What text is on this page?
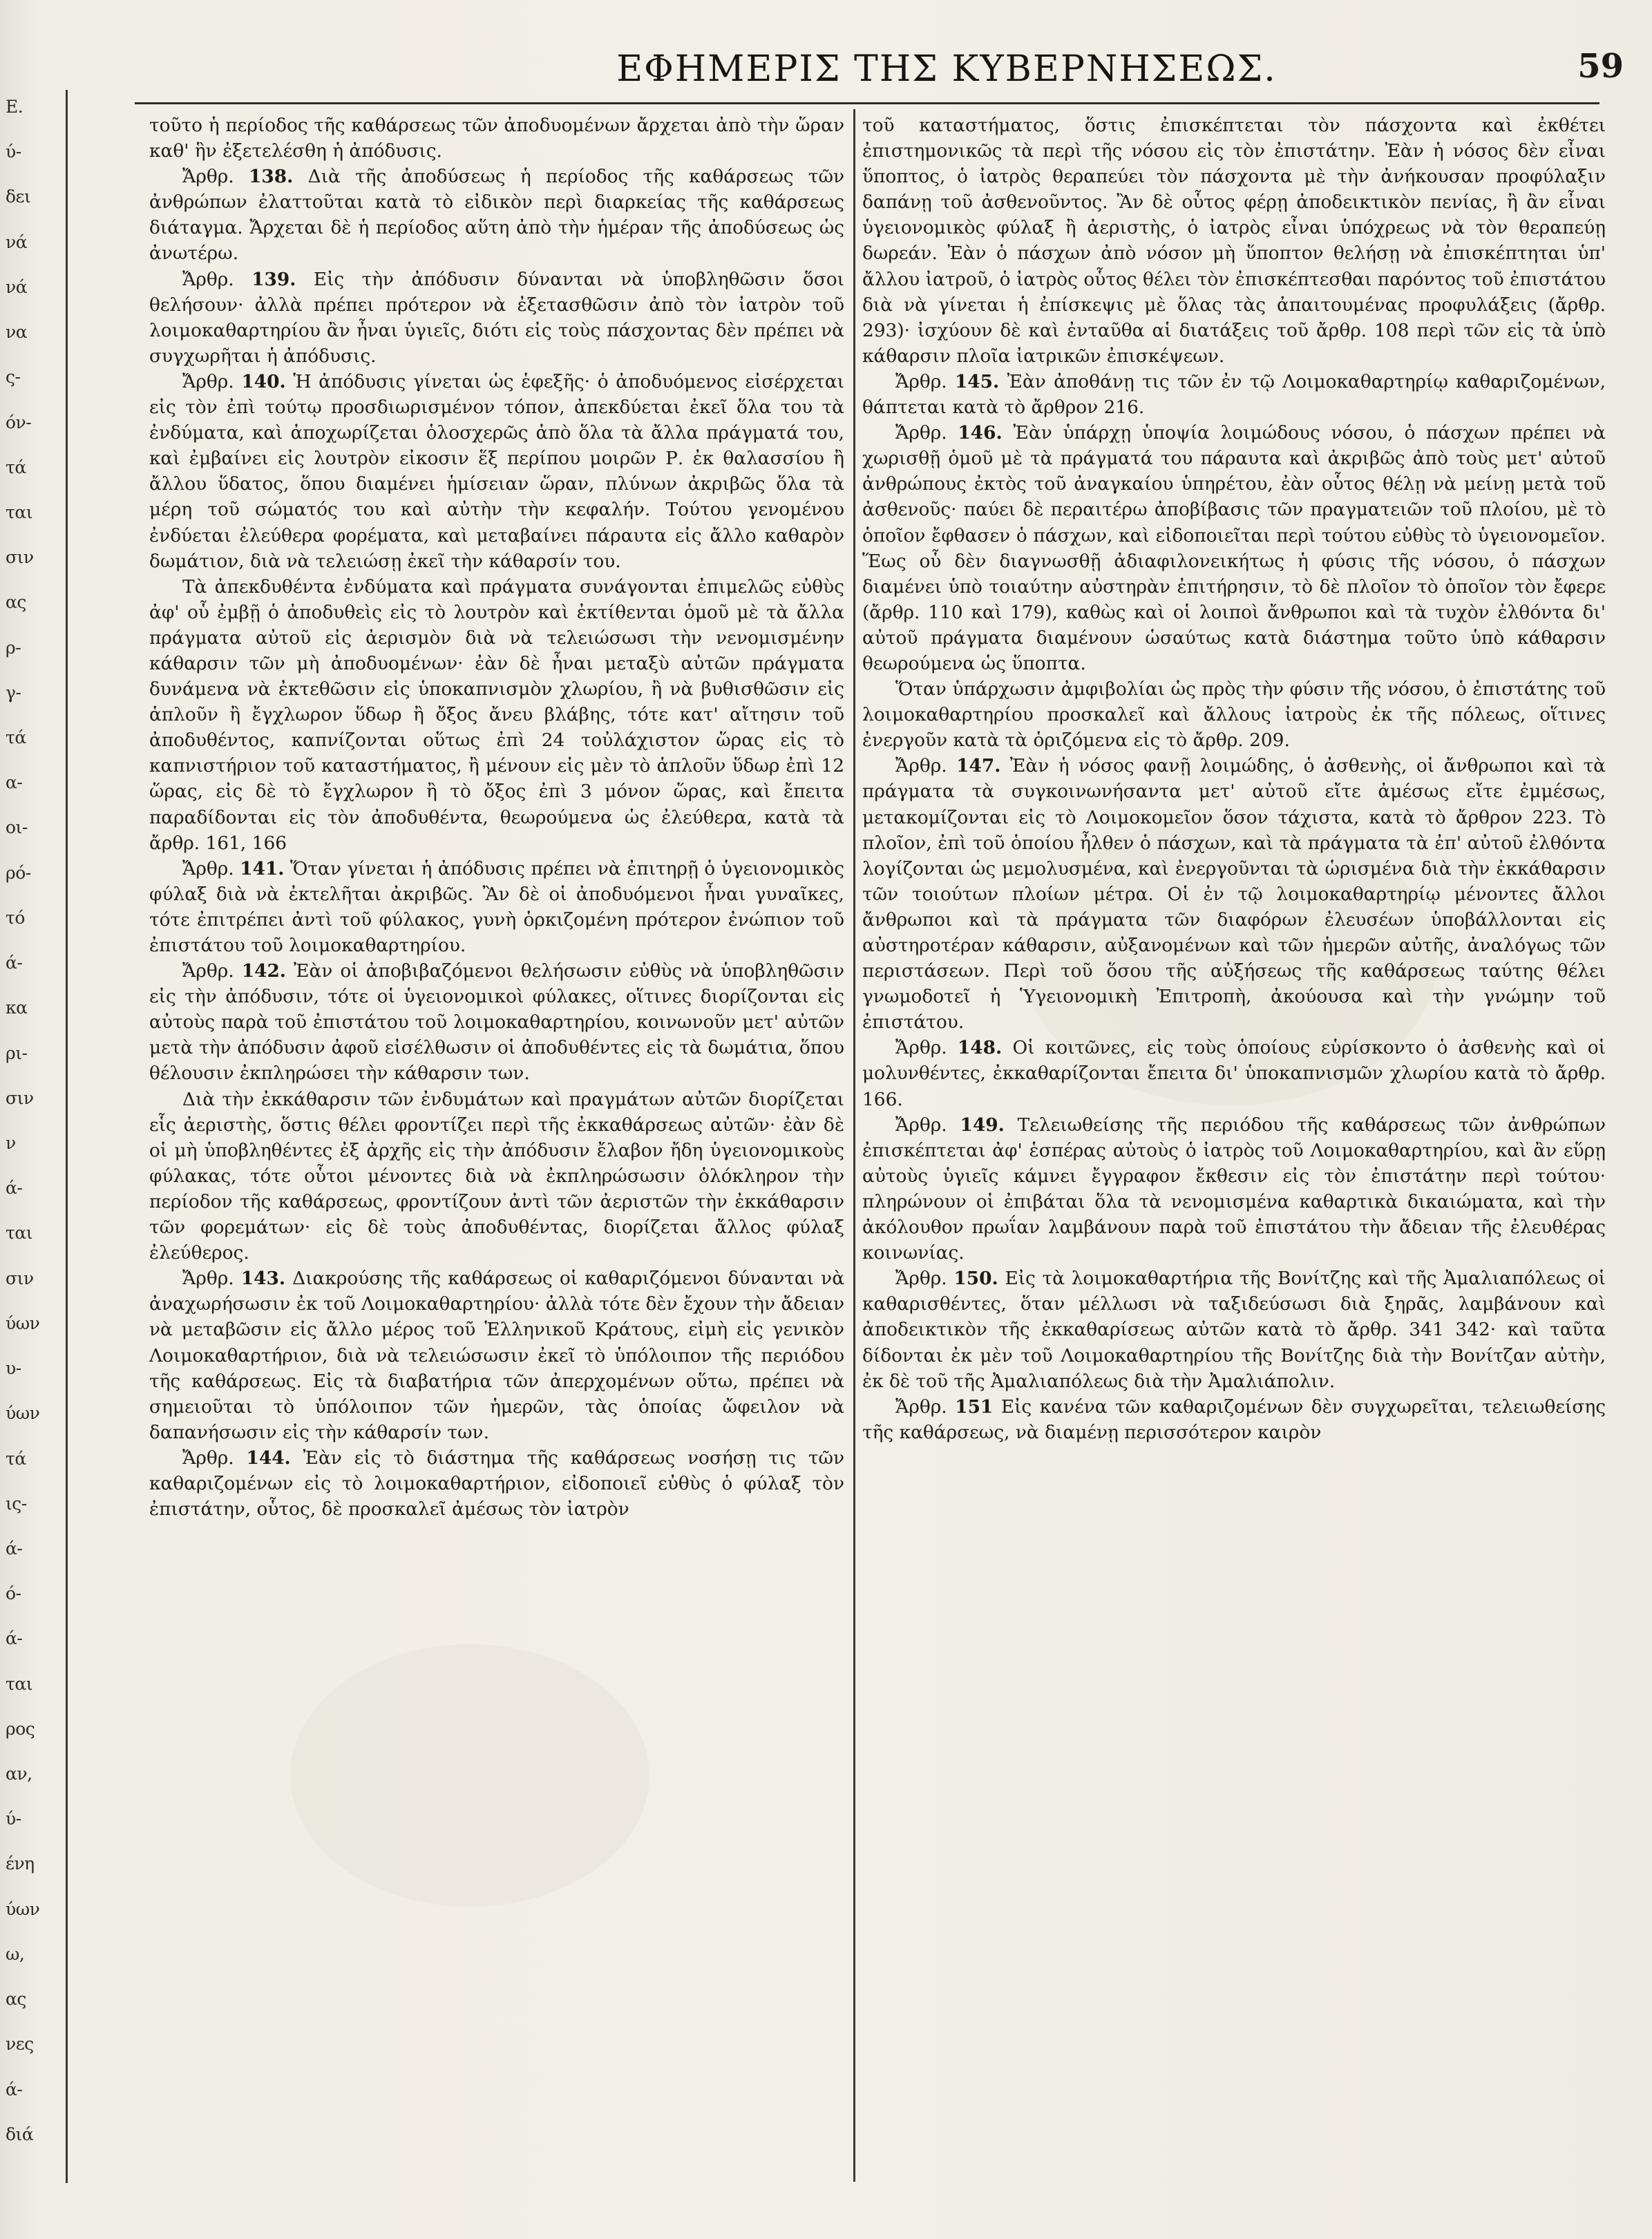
Ε.
ύ-
δει
νά
νά
να
ς-
όν-
τά
ται
σιν
ας
ρ-
γ-
τά
α-
οι-
ρό-
τό
ά-
κα
ρι-
σιν
ν
ά-
ται
σιν
ύων
υ-
ύων
τά
ις-
ά-
ό-
ά-
ται
ρος
αν,
ύ-
ένη
ύων
ω,
ας
νες
ά-
διά
ΕΦΗΜΕΡΙΣ ΤΗΣ ΚΥΒΕΡΝΗΣΕΩΣ.	59

τοῦτο ἡ περίοδος τῆς καθάρσεως τῶν ἀποδυομένων ἄρχεται ἀπὸ τὴν ὥραν καθ' ἣν ἐξετελέσθη ἡ ἀπόδυσις.

Ἄρθρ. 138. Διὰ τῆς ἀποδύσεως ἡ περίοδος τῆς καθάρσεως τῶν ἀνθρώπων ἐλαττοῦται κατὰ τὸ εἰδικὸν περὶ διαρκείας τῆς καθάρσεως διάταγμα. Ἄρχεται δὲ ἡ περίοδος αὕτη ἀπὸ τὴν ἡμέραν τῆς ἀποδύσεως ὡς ἀνωτέρω.

Ἄρθρ. 139. Εἰς τὴν ἀπόδυσιν δύνανται νὰ ὑποβληθῶσιν ὅσοι θελήσουν· ἀλλὰ πρέπει πρότερον νὰ ἐξετασθῶσιν ἀπὸ τὸν ἰατρὸν τοῦ λοιμοκαθαρτηρίου ἂν ἦναι ὑγιεῖς, διότι εἰς τοὺς πάσχοντας δὲν πρέπει νὰ συγχωρῆται ἡ ἀπόδυσις.

Ἄρθρ. 140. Ἡ ἀπόδυσις γίνεται ὡς ἑφεξῆς· ὁ ἀποδυόμενος εἰσέρχεται εἰς τὸν ἐπὶ τούτῳ προσδιωρισμένον τόπον, ἀπεκδύεται ἐκεῖ ὅλα του τὰ ἐνδύματα, καὶ ἀποχωρίζεται ὁλοσχερῶς ἀπὸ ὅλα τὰ ἄλλα πράγματά του, καὶ ἐμβαίνει εἰς λουτρὸν εἰκοσιν ἕξ περίπου μοιρῶν Ρ. ἐκ θαλασσίου ἢ ἄλλου ὕδατος, ὅπου διαμένει ἡμίσειαν ὥραν, πλύνων ἀκριβῶς ὅλα τὰ μέρη τοῦ σώματός του καὶ αὐτὴν τὴν κεφαλήν. Τούτου γενομένου ἐνδύεται ἐλεύθερα φορέματα, καὶ μεταβαίνει πάραυτα εἰς ἄλλο καθαρὸν δωμάτιον, διὰ νὰ τελειώσῃ ἐκεῖ τὴν κάθαρσίν του.

Τὰ ἀπεκδυθέντα ἐνδύματα καὶ πράγματα συνάγονται ἐπιμελῶς εὐθὺς ἀφ' οὗ ἐμβῇ ὁ ἀποδυθεὶς εἰς τὸ λουτρὸν καὶ ἐκτίθενται ὁμοῦ μὲ τὰ ἄλλα πράγματα αὐτοῦ εἰς ἀερισμὸν διὰ νὰ τελειώσωσι τὴν νενομισμένην κάθαρσιν τῶν μὴ ἀποδυομένων· ἐὰν δὲ ἦναι μεταξὺ αὐτῶν πράγματα δυνάμενα νὰ ἐκτεθῶσιν εἰς ὑποκαπνισμὸν χλωρίου, ἢ νὰ βυθισθῶσιν εἰς ἁπλοῦν ἢ ἔγχλωρον ὕδωρ ἢ ὄξος ἄνευ βλάβης, τότε κατ' αἴτησιν τοῦ ἀποδυθέντος, καπνίζονται οὕτως ἐπὶ 24 τοὐλάχιστον ὥρας εἰς τὸ καπνιστήριον τοῦ καταστήματος, ἢ μένουν εἰς μὲν τὸ ἁπλοῦν ὕδωρ ἐπὶ 12 ὥρας, εἰς δὲ τὸ ἔγχλωρον ἢ τὸ ὄξος ἐπὶ 3 μόνον ὥρας, καὶ ἔπειτα παραδίδονται εἰς τὸν ἀποδυθέντα, θεωρούμενα ὡς ἐλεύθερα, κατὰ τὰ ἄρθρ. 161, 166

Ἄρθρ. 141. Ὅταν γίνεται ἡ ἀπόδυσις πρέπει νὰ ἐπιτηρῇ ὁ ὑγειονομικὸς φύλαξ διὰ νὰ ἐκτελῆται ἀκριβῶς. Ἂν δὲ οἱ ἀποδυόμενοι ἦναι γυναῖκες, τότε ἐπιτρέπει ἀντὶ τοῦ φύλακος, γυνὴ ὁρκιζομένη πρότερον ἐνώπιον τοῦ ἐπιστάτου τοῦ λοιμοκαθαρτηρίου.

Ἄρθρ. 142. Ἐὰν οἱ ἀποβιβαζόμενοι θελήσωσιν εὐθὺς νὰ ὑποβληθῶσιν εἰς τὴν ἀπόδυσιν, τότε οἱ ὑγειονομικοὶ φύλακες, οἵτινες διορίζονται εἰς αὐτοὺς παρὰ τοῦ ἐπιστάτου τοῦ λοιμοκαθαρτηρίου, κοινωνοῦν μετ' αὐτῶν μετὰ τὴν ἀπόδυσιν ἀφοῦ εἰσέλθωσιν οἱ ἀποδυθέντες εἰς τὰ δωμάτια, ὅπου θέλουσιν ἐκπληρώσει τὴν κάθαρσιν των.

Διὰ τὴν ἐκκάθαρσιν τῶν ἐνδυμάτων καὶ πραγμάτων αὐτῶν διορίζεται εἷς ἀεριστὴς, ὅστις θέλει φροντίζει περὶ τῆς ἐκκαθάρσεως αὐτῶν· ἐὰν δὲ οἱ μὴ ὑποβληθέντες ἐξ ἀρχῆς εἰς τὴν ἀπόδυσιν ἔλαβον ἤδη ὑγειονομικοὺς φύλακας, τότε οὗτοι μένοντες διὰ νὰ ἐκπληρώσωσιν ὁλόκληρον τὴν περίοδον τῆς καθάρσεως, φροντίζουν ἀντὶ τῶν ἀεριστῶν τὴν ἐκκάθαρσιν τῶν φορεμάτων· εἰς δὲ τοὺς ἀποδυθέντας, διορίζεται ἄλλος φύλαξ ἐλεύθερος.

Ἄρθρ. 143. Διακρούσης τῆς καθάρσεως οἱ καθαριζόμενοι δύνανται νὰ ἀναχωρήσωσιν ἐκ τοῦ Λοιμοκαθαρτηρίου· ἀλλὰ τότε δὲν ἔχουν τὴν ἄδειαν νὰ μεταβῶσιν εἰς ἄλλο μέρος τοῦ Ἑλληνικοῦ Κράτους, εἰμὴ εἰς γενικὸν Λοιμοκαθαρτήριον, διὰ νὰ τελειώσωσιν ἐκεῖ τὸ ὑπόλοιπον τῆς περιόδου τῆς καθάρσεως. Εἰς τὰ διαβατήρια τῶν ἀπερχομένων οὕτω, πρέπει νὰ σημειοῦται τὸ ὑπόλοιπον τῶν ἡμερῶν, τὰς ὁποίας ὤφειλον νὰ δαπανήσωσιν εἰς τὴν κάθαρσίν των.

Ἄρθρ. 144. Ἐὰν εἰς τὸ διάστημα τῆς καθάρσεως νοσήσῃ τις τῶν καθαριζομένων εἰς τὸ λοιμοκαθαρτήριον, εἰδοποιεῖ εὐθὺς ὁ φύλαξ τὸν ἐπιστάτην, οὗτος, δὲ προσκαλεῖ ἀμέσως τὸν ἰατρὸν

τοῦ καταστήματος, ὅστις ἐπισκέπτεται τὸν πάσχοντα καὶ ἐκθέτει ἐπιστημονικῶς τὰ περὶ τῆς νόσου εἰς τὸν ἐπιστάτην. Ἐὰν ἡ νόσος δὲν εἶναι ὕποπτος, ὁ ἰατρὸς θεραπεύει τὸν πάσχοντα μὲ τὴν ἀνήκουσαν προφύλαξιν δαπάνῃ τοῦ ἀσθενοῦντος. Ἂν δὲ οὗτος φέρῃ ἀποδεικτικὸν πενίας, ἢ ἂν εἶναι ὑγειονομικὸς φύλαξ ἢ ἀεριστὴς, ὁ ἰατρὸς εἶναι ὑπόχρεως νὰ τὸν θεραπεύῃ δωρεάν. Ἐὰν ὁ πάσχων ἀπὸ νόσον μὴ ὕποπτον θελήσῃ νὰ ἐπισκέπτηται ὑπ' ἄλλου ἰατροῦ, ὁ ἰατρὸς οὗτος θέλει τὸν ἐπισκέπτεσθαι παρόντος τοῦ ἐπιστάτου διὰ νὰ γίνεται ἡ ἐπίσκεψις μὲ ὅλας τὰς ἀπαιτουμένας προφυλάξεις (ἄρθρ. 293)· ἰσχύουν δὲ καὶ ἐνταῦθα αἱ διατάξεις τοῦ ἄρθρ. 108 περὶ τῶν εἰς τὰ ὑπὸ κάθαρσιν πλοῖα ἰατρικῶν ἐπισκέψεων.

Ἄρθρ. 145. Ἐὰν ἀποθάνῃ τις τῶν ἐν τῷ Λοιμοκαθαρτηρίῳ καθαριζομένων, θάπτεται κατὰ τὸ ἄρθρον 216.

Ἄρθρ. 146. Ἐὰν ὑπάρχῃ ὑποψία λοιμώδους νόσου, ὁ πάσχων πρέπει νὰ χωρισθῇ ὁμοῦ μὲ τὰ πράγματά του πάραυτα καὶ ἀκριβῶς ἀπὸ τοὺς μετ' αὐτοῦ ἀνθρώπους ἐκτὸς τοῦ ἀναγκαίου ὑπηρέτου, ἐὰν οὗτος θέλῃ νὰ μείνῃ μετὰ τοῦ ἀσθενοῦς· παύει δὲ περαιτέρω ἀποβίβασις τῶν πραγματειῶν τοῦ πλοίου, μὲ τὸ ὁποῖον ἔφθασεν ὁ πάσχων, καὶ εἰδοποιεῖται περὶ τούτου εὐθὺς τὸ ὑγειονομεῖον. Ἕως οὗ δὲν διαγνωσθῇ ἀδιαφιλονεικήτως ἡ φύσις τῆς νόσου, ὁ πάσχων διαμένει ὑπὸ τοιαύτην αὐστηρὰν ἐπιτήρησιν, τὸ δὲ πλοῖον τὸ ὁποῖον τὸν ἔφερε (ἄρθρ. 110 καὶ 179), καθὼς καὶ οἱ λοιποὶ ἄνθρωποι καὶ τὰ τυχὸν ἐλθόντα δι' αὐτοῦ πράγματα διαμένουν ὡσαύτως κατὰ διάστημα τοῦτο ὑπὸ κάθαρσιν θεωρούμενα ὡς ὕποπτα.

Ὅταν ὑπάρχωσιν ἀμφιβολίαι ὡς πρὸς τὴν φύσιν τῆς νόσου, ὁ ἐπιστάτης τοῦ λοιμοκαθαρτηρίου προσκαλεῖ καὶ ἄλλους ἰατροὺς ἐκ τῆς πόλεως, οἵτινες ἐνεργοῦν κατὰ τὰ ὁριζόμενα εἰς τὸ ἄρθρ. 209.

Ἄρθρ. 147. Ἐὰν ἡ νόσος φανῇ λοιμώδης, ὁ ἀσθενὴς, οἱ ἄνθρωποι καὶ τὰ πράγματα τὰ συγκοινωνήσαντα μετ' αὐτοῦ εἴτε ἀμέσως εἴτε ἐμμέσως, μετακομίζονται εἰς τὸ Λοιμοκομεῖον ὅσον τάχιστα, κατὰ τὸ ἄρθρον 223. Τὸ πλοῖον, ἐπὶ τοῦ ὁποίου ἦλθεν ὁ πάσχων, καὶ τὰ πράγματα τὰ ἐπ' αὐτοῦ ἐλθόντα λογίζονται ὡς μεμολυσμένα, καὶ ἐνεργοῦνται τὰ ὡρισμένα διὰ τὴν ἐκκάθαρσιν τῶν τοιούτων πλοίων μέτρα. Οἱ ἐν τῷ λοιμοκαθαρτηρίῳ μένοντες ἄλλοι ἄνθρωποι καὶ τὰ πράγματα τῶν διαφόρων ἐλευσέων ὑποβάλλονται εἰς αὐστηροτέραν κάθαρσιν, αὐξανομένων καὶ τῶν ἡμερῶν αὐτῆς, ἀναλόγως τῶν περιστάσεων. Περὶ τοῦ ὅσου τῆς αὐξήσεως τῆς καθάρσεως ταύτης θέλει γνωμοδοτεῖ ἡ Ὑγειονομικὴ Ἐπιτροπὴ, ἀκούουσα καὶ τὴν γνώμην τοῦ ἐπιστάτου.

Ἄρθρ. 148. Οἱ κοιτῶνες, εἰς τοὺς ὁποίους εὑρίσκοντο ὁ ἀσθενὴς καὶ οἱ μολυνθέντες, ἐκκαθαρίζονται ἔπειτα δι' ὑποκαπνισμῶν χλωρίου κατὰ τὸ ἄρθρ. 166.

Ἄρθρ. 149. Τελειωθείσης τῆς περιόδου τῆς καθάρσεως τῶν ἀνθρώπων ἐπισκέπτεται ἀφ' ἑσπέρας αὐτοὺς ὁ ἰατρὸς τοῦ Λοιμοκαθαρτηρίου, καὶ ἂν εὕρῃ αὐτοὺς ὑγιεῖς κάμνει ἔγγραφον ἔκθεσιν εἰς τὸν ἐπιστάτην περὶ τούτου· πληρώνουν οἱ ἐπιβάται ὅλα τὰ νενομισμένα καθαρτικὰ δικαιώματα, καὶ τὴν ἀκόλουθον πρωΐαν λαμβάνουν παρὰ τοῦ ἐπιστάτου τὴν ἄδειαν τῆς ἐλευθέρας κοινωνίας.

Ἄρθρ. 150. Εἰς τὰ λοιμοκαθαρτήρια τῆς Βονίτζης καὶ τῆς Ἀμαλιαπόλεως οἱ καθαρισθέντες, ὅταν μέλλωσι νὰ ταξιδεύσωσι διὰ ξηρᾶς, λαμβάνουν καὶ ἀποδεικτικὸν τῆς ἐκκαθαρίσεως αὐτῶν κατὰ τὸ ἄρθρ. 341 342· καὶ ταῦτα δίδονται ἐκ μὲν τοῦ Λοιμοκαθαρτηρίου τῆς Βονίτζης διὰ τὴν Βονίτζαν αὐτὴν, ἐκ δὲ τοῦ τῆς Ἀμαλιαπόλεως διὰ τὴν Ἀμαλιάπολιν.

Ἄρθρ. 151 Εἰς κανένα τῶν καθαριζομένων δὲν συγχωρεῖται, τελειωθείσης τῆς καθάρσεως, νὰ διαμένῃ περισσότερον καιρὸν
